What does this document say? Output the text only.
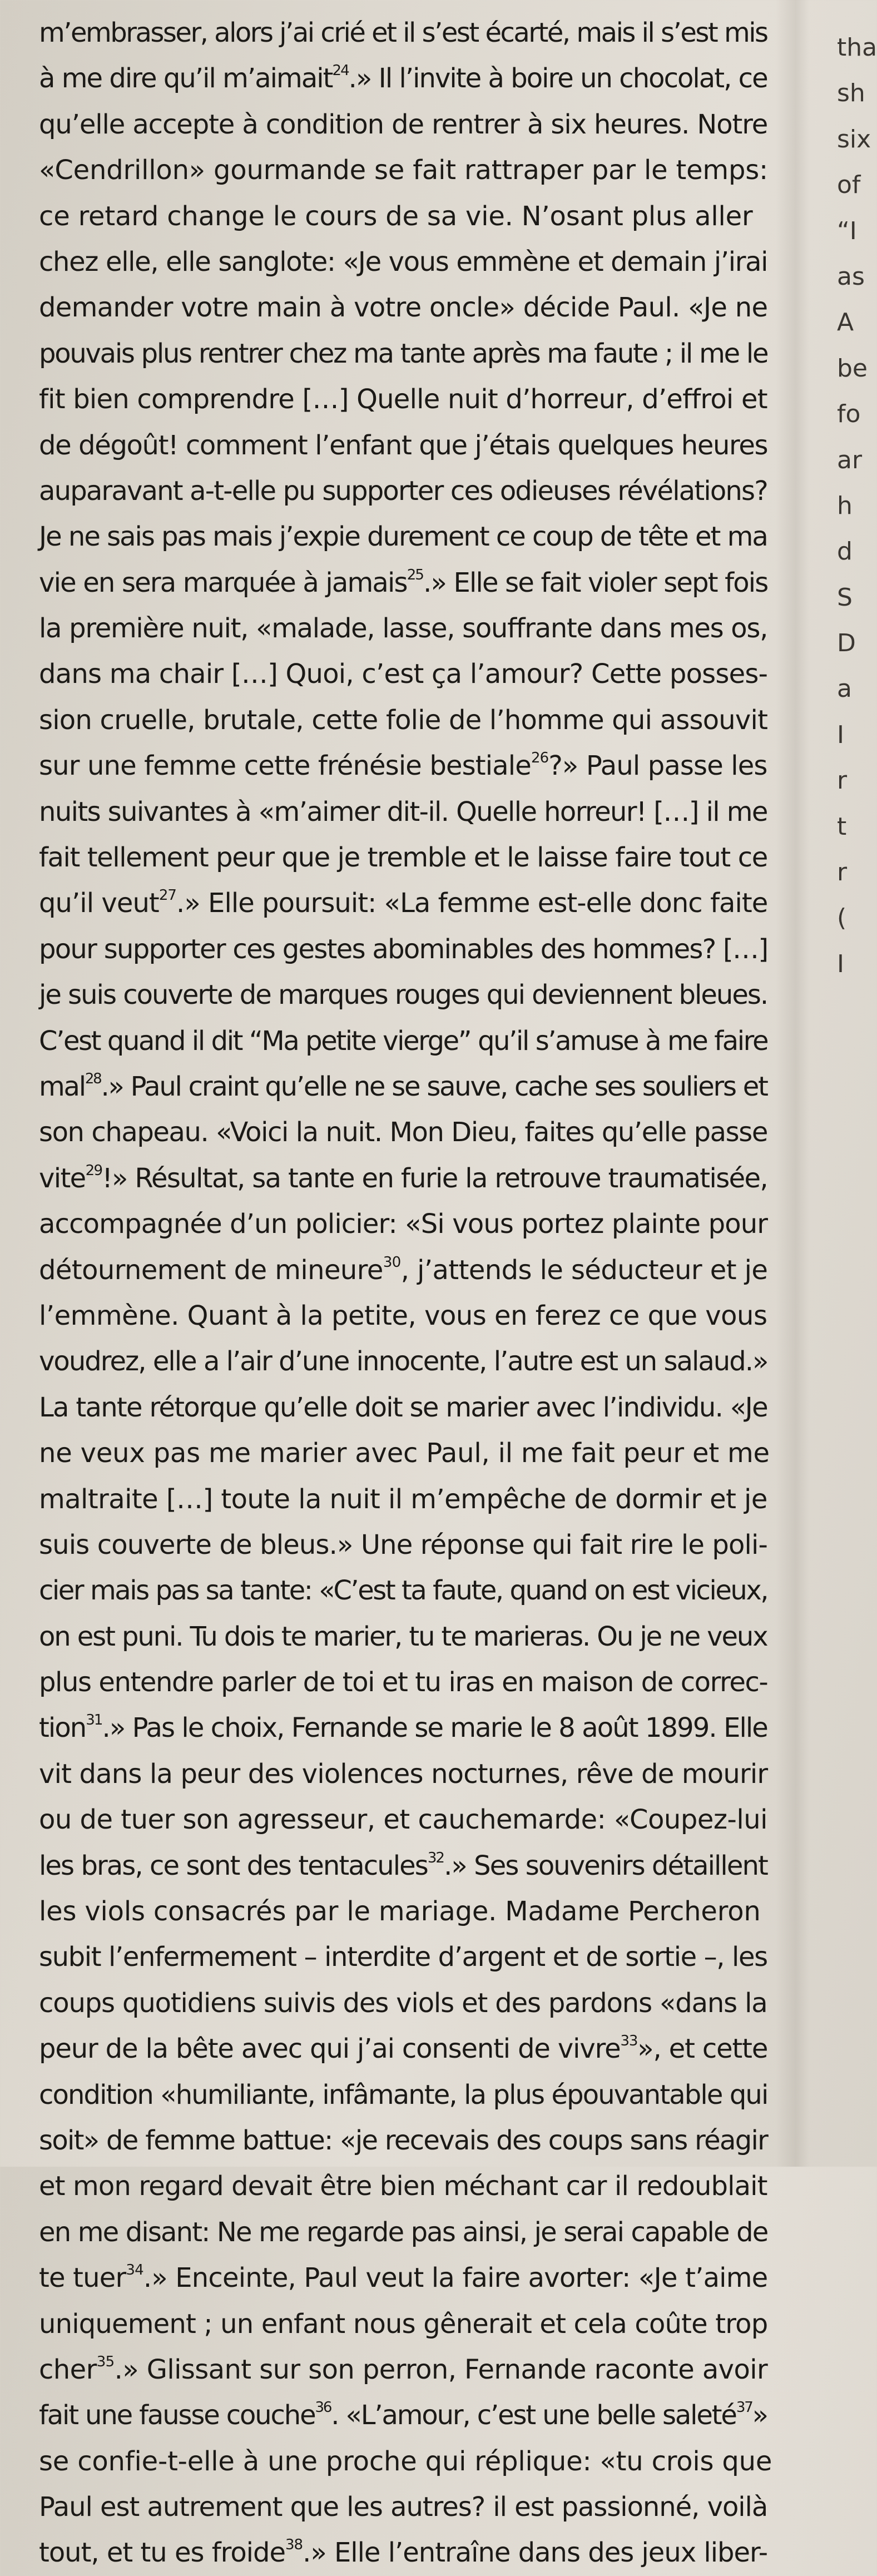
m’embrasser, alors j’ai crié et il s’est écarté, mais il s’est mis
à me dire qu’il m’aimait$^{24}$.» Il l’invite à boire un chocolat, ce
qu’elle accepte à condition de rentrer à six heures. Notre
«Cendrillon» gourmande se fait rattraper par le temps:
ce retard change le cours de sa vie. N’osant plus aller
chez elle, elle sanglote: «Je vous emmène et demain j’irai
demander votre main à votre oncle» décide Paul. «Je ne
pouvais plus rentrer chez ma tante après ma faute ; il me le
fit bien comprendre […] Quelle nuit d’horreur, d’effroi et
de dégoût! comment l’enfant que j’étais quelques heures
auparavant a-t-elle pu supporter ces odieuses révélations?
Je ne sais pas mais j’expie durement ce coup de tête et ma
vie en sera marquée à jamais$^{25}$.» Elle se fait violer sept fois
la première nuit, «malade, lasse, souffrante dans mes os,
dans ma chair […] Quoi, c’est ça l’amour? Cette posses-
sion cruelle, brutale, cette folie de l’homme qui assouvit
sur une femme cette frénésie bestiale$^{26}$?» Paul passe les
nuits suivantes à «m’aimer dit-il. Quelle horreur! […] il me
fait tellement peur que je tremble et le laisse faire tout ce
qu’il veut$^{27}$.» Elle poursuit: «La femme est-elle donc faite
pour supporter ces gestes abominables des hommes? […]
je suis couverte de marques rouges qui deviennent bleues.
C’est quand il dit “Ma petite vierge” qu’il s’amuse à me faire
mal$^{28}$.» Paul craint qu’elle ne se sauve, cache ses souliers et
son chapeau. «Voici la nuit. Mon Dieu, faites qu’elle passe
vite$^{29}$!» Résultat, sa tante en furie la retrouve traumatisée,
accompagnée d’un policier: «Si vous portez plainte pour
détournement de mineure$^{30}$, j’attends le séducteur et je
l’emmène. Quant à la petite, vous en ferez ce que vous
voudrez, elle a l’air d’une innocente, l’autre est un salaud.»
La tante rétorque qu’elle doit se marier avec l’individu. «Je
ne veux pas me marier avec Paul, il me fait peur et me
maltraite […] toute la nuit il m’empêche de dormir et je
suis couverte de bleus.» Une réponse qui fait rire le poli-
cier mais pas sa tante: «C’est ta faute, quand on est vicieux,
on est puni. Tu dois te marier, tu te marieras. Ou je ne veux
plus entendre parler de toi et tu iras en maison de correc-
tion$^{31}$.» Pas le choix, Fernande se marie le 8 août 1899. Elle
vit dans la peur des violences nocturnes, rêve de mourir
ou de tuer son agresseur, et cauchemarde: «Coupez-lui
les bras, ce sont des tentacules$^{32}$.» Ses souvenirs détaillent
les viols consacrés par le mariage. Madame Percheron
subit l’enfermement – interdite d’argent et de sortie –, les
coups quotidiens suivis des viols et des pardons «dans la
peur de la bête avec qui j’ai consenti de vivre$^{33}$», et cette
condition «humiliante, infâmante, la plus épouvantable qui
soit» de femme battue: «je recevais des coups sans réagir
et mon regard devait être bien méchant car il redoublait
en me disant: Ne me regarde pas ainsi, je serai capable de
te tuer$^{34}$.» Enceinte, Paul veut la faire avorter: «Je t’aime
uniquement ; un enfant nous gênerait et cela coûte trop
cher$^{35}$.» Glissant sur son perron, Fernande raconte avoir
fait une fausse couche$^{36}$. «L’amour, c’est une belle saleté$^{37}$»
se confie-t-elle à une proche qui réplique: «tu crois que
Paul est autrement que les autres? il est passionné, voilà
tout, et tu es froide$^{38}$.» Elle l’entraîne dans des jeux liber-
tha
sh
six
of
“I
as
A
be
fo
ar
h
d
S
D
a
I
r
t
r
(
I
